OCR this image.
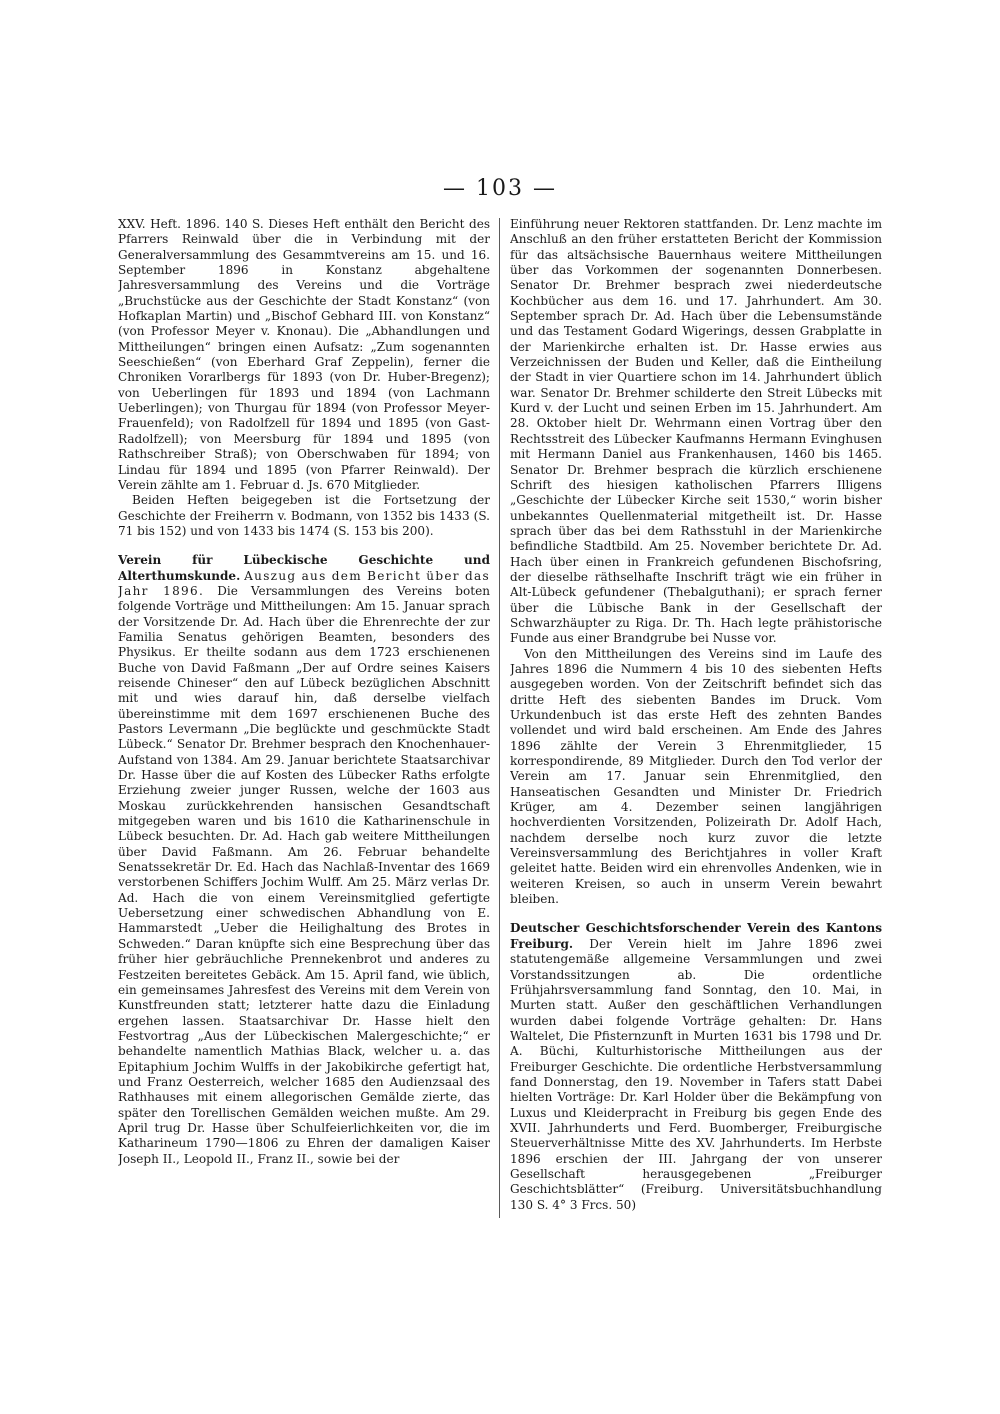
— 103 —

XXV. Heft. 1896. 140 S. Dieses Heft enthält den Bericht des Pfarrers Reinwald über die in Verbindung mit der Generalversammlung des Gesammtvereins am 15. und 16. September 1896 in Konstanz abgehaltene Jahresversammlung des Vereins und die Vorträge „Bruchstücke aus der Geschichte der Stadt Konstanz“ (von Hofkaplan Martin) und „Bischof Gebhard III. von Konstanz“ (von Professor Meyer v. Knonau). Die „Abhandlungen und Mittheilungen“ bringen einen Aufsatz: „Zum sogenannten Seeschießen“ (von Eberhard Graf Zeppelin), ferner die Chroniken Vorarlbergs für 1893 (von Dr. Huber-Bregenz); von Ueberlingen für 1893 und 1894 (von Lachmann Ueberlingen); von Thurgau für 1894 (von Professor Meyer-Frauenfeld); von Radolfzell für 1894 und 1895 (von Gast-Radolfzell); von Meersburg für 1894 und 1895 (von Rathschreiber Straß); von Oberschwaben für 1894; von Lindau für 1894 und 1895 (von Pfarrer Reinwald). Der Verein zählte am 1. Februar d. Js. 670 Mitglieder.

Beiden Heften beigegeben ist die Fortsetzung der Geschichte der Freiherrn v. Bodmann, von 1352 bis 1433 (S. 71 bis 152) und von 1433 bis 1474 (S. 153 bis 200).

Verein für Lübeckische Geschichte und Alterthumskunde. Auszug aus dem Bericht über das Jahr 1896. Die Versammlungen des Vereins boten folgende Vorträge und Mittheilungen: Am 15. Januar sprach der Vorsitzende Dr. Ad. Hach über die Ehrenrechte der zur Familia Senatus gehörigen Beamten, besonders des Physikus. Er theilte sodann aus dem 1723 erschienenen Buche von David Faßmann „Der auf Ordre seines Kaisers reisende Chineser“ den auf Lübeck bezüglichen Abschnitt mit und wies darauf hin, daß derselbe vielfach übereinstimme mit dem 1697 erschienenen Buche des Pastors Levermann „Die beglückte und geschmückte Stadt Lübeck.“ Senator Dr. Brehmer besprach den Knochenhauer-Aufstand von 1384. Am 29. Januar berichtete Staatsarchivar Dr. Hasse über die auf Kosten des Lübecker Raths erfolgte Erziehung zweier junger Russen, welche der 1603 aus Moskau zurückkehrenden hansischen Gesandtschaft mitgegeben waren und bis 1610 die Katharinenschule in Lübeck besuchten. Dr. Ad. Hach gab weitere Mittheilungen über David Faßmann. Am 26. Februar behandelte Senatssekretär Dr. Ed. Hach das Nachlaß-Inventar des 1669 verstorbenen Schiffers Jochim Wulff. Am 25. März verlas Dr. Ad. Hach die von einem Vereinsmitglied gefertigte Uebersetzung einer schwedischen Abhandlung von E. Hammarstedt „Ueber die Heilighaltung des Brotes in Schweden.“ Daran knüpfte sich eine Besprechung über das früher hier gebräuchliche Prennekenbrot und anderes zu Festzeiten bereitetes Gebäck. Am 15. April fand, wie üblich, ein gemeinsames Jahresfest des Vereins mit dem Verein von Kunstfreunden statt; letzterer hatte dazu die Einladung ergehen lassen. Staatsarchivar Dr. Hasse hielt den Festvortrag „Aus der Lübeckischen Malergeschichte;“ er behandelte namentlich Mathias Black, welcher u. a. das Epitaphium Jochim Wulffs in der Jakobikirche gefertigt hat, und Franz Oesterreich, welcher 1685 den Audienzsaal des Rathhauses mit einem allegorischen Gemälde zierte, das später den Torellischen Gemälden weichen mußte. Am 29. April trug Dr. Hasse über Schulfeierlichkeiten vor, die im Katharineum 1790—1806 zu Ehren der damaligen Kaiser Joseph II., Leopold II., Franz II., sowie bei der

Einführung neuer Rektoren stattfanden. Dr. Lenz machte im Anschluß an den früher erstatteten Bericht der Kommission für das altsächsische Bauernhaus weitere Mittheilungen über das Vorkommen der sogenannten Donnerbesen. Senator Dr. Brehmer besprach zwei niederdeutsche Kochbücher aus dem 16. und 17. Jahrhundert. Am 30. September sprach Dr. Ad. Hach über die Lebensumstände und das Testament Godard Wigerings, dessen Grabplatte in der Marienkirche erhalten ist. Dr. Hasse erwies aus Verzeichnissen der Buden und Keller, daß die Eintheilung der Stadt in vier Quartiere schon im 14. Jahrhundert üblich war. Senator Dr. Brehmer schilderte den Streit Lübecks mit Kurd v. der Lucht und seinen Erben im 15. Jahrhundert. Am 28. Oktober hielt Dr. Wehrmann einen Vortrag über den Rechtsstreit des Lübecker Kaufmanns Hermann Evinghusen mit Hermann Daniel aus Frankenhausen, 1460 bis 1465. Senator Dr. Brehmer besprach die kürzlich erschienene Schrift des hiesigen katholischen Pfarrers Illigens „Geschichte der Lübecker Kirche seit 1530,“ worin bisher unbekanntes Quellenmaterial mitgetheilt ist. Dr. Hasse sprach über das bei dem Rathsstuhl in der Marienkirche befindliche Stadtbild. Am 25. November berichtete Dr. Ad. Hach über einen in Frankreich gefundenen Bischofsring, der dieselbe räthselhafte Inschrift trägt wie ein früher in Alt-Lübeck gefundener (Thebalguthani); er sprach ferner über die Lübische Bank in der Gesellschaft der Schwarzhäupter zu Riga. Dr. Th. Hach legte prähistorische Funde aus einer Brandgrube bei Nusse vor.

Von den Mittheilungen des Vereins sind im Laufe des Jahres 1896 die Nummern 4 bis 10 des siebenten Hefts ausgegeben worden. Von der Zeitschrift befindet sich das dritte Heft des siebenten Bandes im Druck. Vom Urkundenbuch ist das erste Heft des zehnten Bandes vollendet und wird bald erscheinen. Am Ende des Jahres 1896 zählte der Verein 3 Ehrenmitglieder, 15 korrespondirende, 89 Mitglieder. Durch den Tod verlor der Verein am 17. Januar sein Ehrenmitglied, den Hanseatischen Gesandten und Minister Dr. Friedrich Krüger, am 4. Dezember seinen langjährigen hochverdienten Vorsitzenden, Polizeirath Dr. Adolf Hach, nachdem derselbe noch kurz zuvor die letzte Vereinsversammlung des Berichtjahres in voller Kraft geleitet hatte. Beiden wird ein ehrenvolles Andenken, wie in weiteren Kreisen, so auch in unserm Verein bewahrt bleiben.

Deutscher Geschichtsforschender Verein des Kantons Freiburg. Der Verein hielt im Jahre 1896 zwei statutengemäße allgemeine Versammlungen und zwei Vorstandssitzungen ab. Die ordentliche Frühjahrsversammlung fand Sonntag, den 10. Mai, in Murten statt. Außer den geschäftlichen Verhandlungen wurden dabei folgende Vorträge gehalten: Dr. Hans Waltelet, Die Pfisternzunft in Murten 1631 bis 1798 und Dr. A. Büchi, Kulturhistorische Mittheilungen aus der Freiburger Geschichte. Die ordentliche Herbstversammlung fand Donnerstag, den 19. November in Tafers statt Dabei hielten Vorträge: Dr. Karl Holder über die Bekämpfung von Luxus und Kleiderpracht in Freiburg bis gegen Ende des XVII. Jahrhunderts und Ferd. Buomberger, Freiburgische Steuerverhältnisse Mitte des XV. Jahrhunderts. Im Herbste 1896 erschien der III. Jahrgang der von unserer Gesellschaft herausgegebenen „Freiburger Geschichtsblätter“ (Freiburg. Universitätsbuchhandlung 130 S. 4° 3 Frcs. 50)
